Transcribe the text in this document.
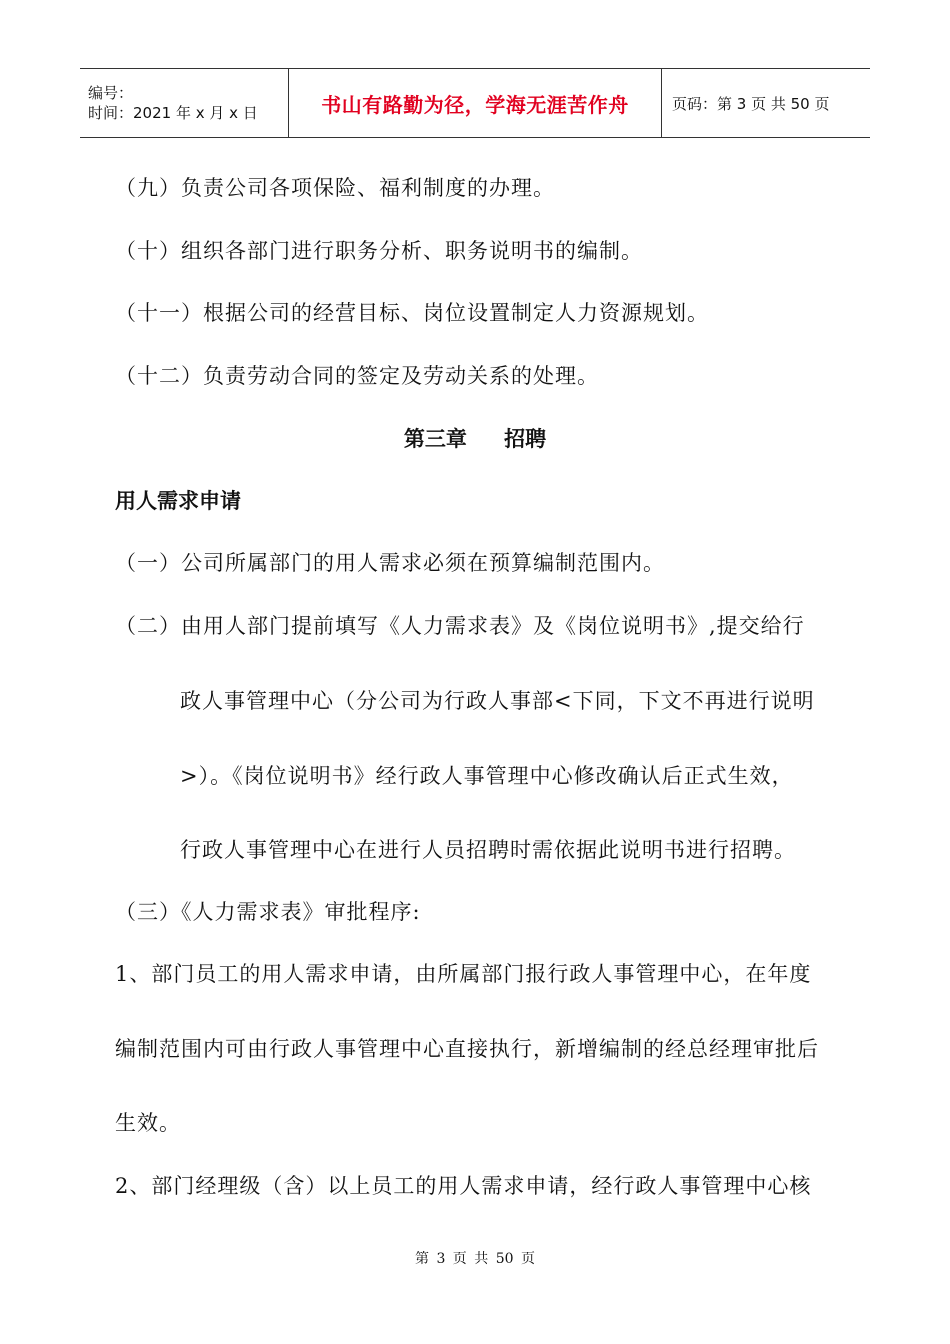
编号：
时间：2021 年 x 月 x 日	书山有路勤为径，学海无涯苦作舟	页码：第 3 页 共 50 页
（九）负责公司各项保险、福利制度的办理。
（十）组织各部门进行职务分析、职务说明书的编制。
（十一）根据公司的经营目标、岗位设置制定人力资源规划。
（十二）负责劳动合同的签定及劳动关系的处理。
第三章 招聘
用人需求申请
（一）公司所属部门的用人需求必须在预算编制范围内。
（二）由用人部门提前填写《人力需求表》及《岗位说明书》,提交给行
政人事管理中心（分公司为行政人事部<下同，下文不再进行说明
>）。《岗位说明书》经行政人事管理中心修改确认后正式生效，
行政人事管理中心在进行人员招聘时需依据此说明书进行招聘。
（三）《人力需求表》审批程序:
1、部门员工的用人需求申请，由所属部门报行政人事管理中心，在年度
编制范围内可由行政人事管理中心直接执行，新增编制的经总经理审批后
生效。
2、部门经理级（含）以上员工的用人需求申请，经行政人事管理中心核
第 3 页 共 50 页
